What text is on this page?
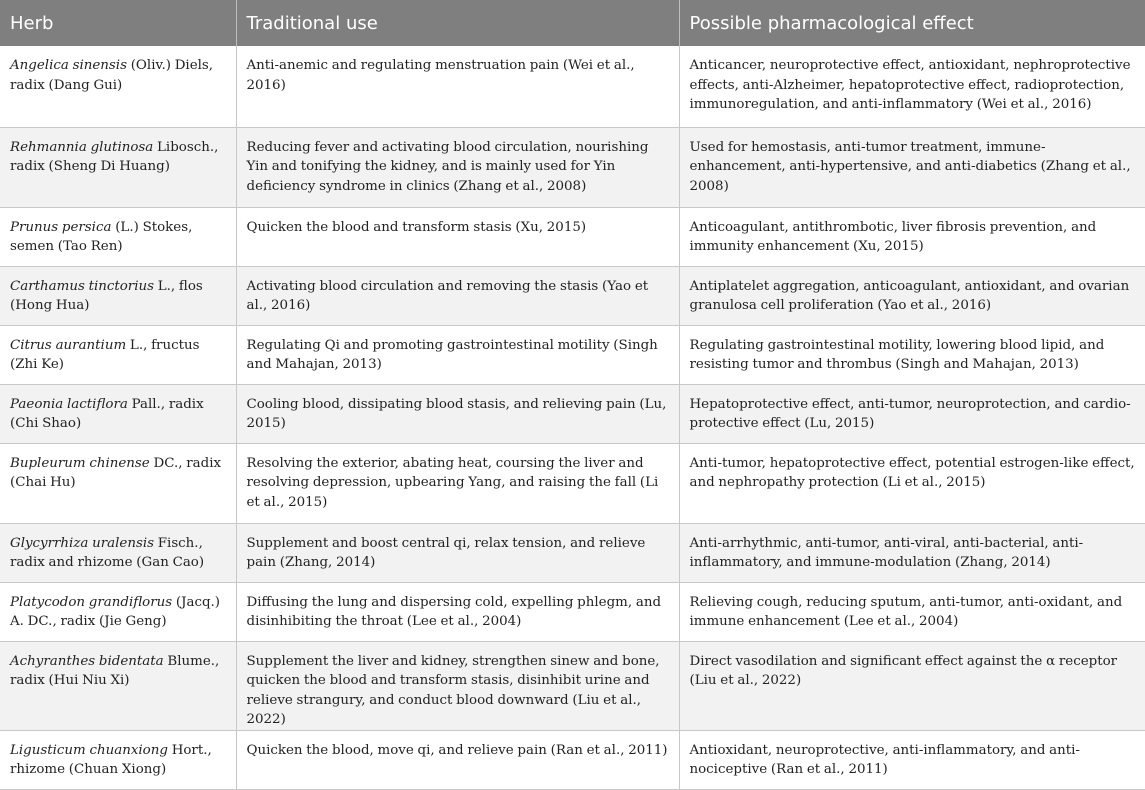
Herb	Traditional use	Possible pharmacological effect
Angelica sinensis (Oliv.) Diels, radix (Dang Gui)	Anti-anemic and regulating menstruation pain (Wei et al., 2016)	Anticancer, neuroprotective effect, antioxidant, nephroprotective effects, anti-Alzheimer, hepatoprotective effect, radioprotection, immunoregulation, and anti-inflammatory (Wei et al., 2016)
Rehmannia glutinosa Libosch., radix (Sheng Di Huang)	Reducing fever and activating blood circulation, nourishing Yin and tonifying the kidney, and is mainly used for Yin deficiency syndrome in clinics (Zhang et al., 2008)	Used for hemostasis, anti-tumor treatment, immune-enhancement, anti-hypertensive, and anti-diabetics (Zhang et al., 2008)
Prunus persica (L.) Stokes, semen (Tao Ren)	Quicken the blood and transform stasis (Xu, 2015)	Anticoagulant, antithrombotic, liver fibrosis prevention, and immunity enhancement (Xu, 2015)
Carthamus tinctorius L., flos (Hong Hua)	Activating blood circulation and removing the stasis (Yao et al., 2016)	Antiplatelet aggregation, anticoagulant, antioxidant, and ovarian granulosa cell proliferation (Yao et al., 2016)
Citrus aurantium L., fructus (Zhi Ke)	Regulating Qi and promoting gastrointestinal motility (Singh and Mahajan, 2013)	Regulating gastrointestinal motility, lowering blood lipid, and resisting tumor and thrombus (Singh and Mahajan, 2013)
Paeonia lactiflora Pall., radix (Chi Shao)	Cooling blood, dissipating blood stasis, and relieving pain (Lu, 2015)	Hepatoprotective effect, anti-tumor, neuroprotection, and cardio-protective effect (Lu, 2015)
Bupleurum chinense DC., radix (Chai Hu)	Resolving the exterior, abating heat, coursing the liver and resolving depression, upbearing Yang, and raising the fall (Li et al., 2015)	Anti-tumor, hepatoprotective effect, potential estrogen-like effect, and nephropathy protection (Li et al., 2015)
Glycyrrhiza uralensis Fisch., radix and rhizome (Gan Cao)	Supplement and boost central qi, relax tension, and relieve pain (Zhang, 2014)	Anti-arrhythmic, anti-tumor, anti-viral, anti-bacterial, anti-inflammatory, and immune-modulation (Zhang, 2014)
Platycodon grandiflorus (Jacq.) A. DC., radix (Jie Geng)	Diffusing the lung and dispersing cold, expelling phlegm, and disinhibiting the throat (Lee et al., 2004)	Relieving cough, reducing sputum, anti-tumor, anti-oxidant, and immune enhancement (Lee et al., 2004)
Achyranthes bidentata Blume., radix (Hui Niu Xi)	Supplement the liver and kidney, strengthen sinew and bone, quicken the blood and transform stasis, disinhibit urine and relieve strangury, and conduct blood downward (Liu et al., 2022)	Direct vasodilation and significant effect against the α receptor (Liu et al., 2022)
Ligusticum chuanxiong Hort., rhizome (Chuan Xiong)	Quicken the blood, move qi, and relieve pain (Ran et al., 2011)	Antioxidant, neuroprotective, anti-inflammatory, and anti-nociceptive (Ran et al., 2011)
